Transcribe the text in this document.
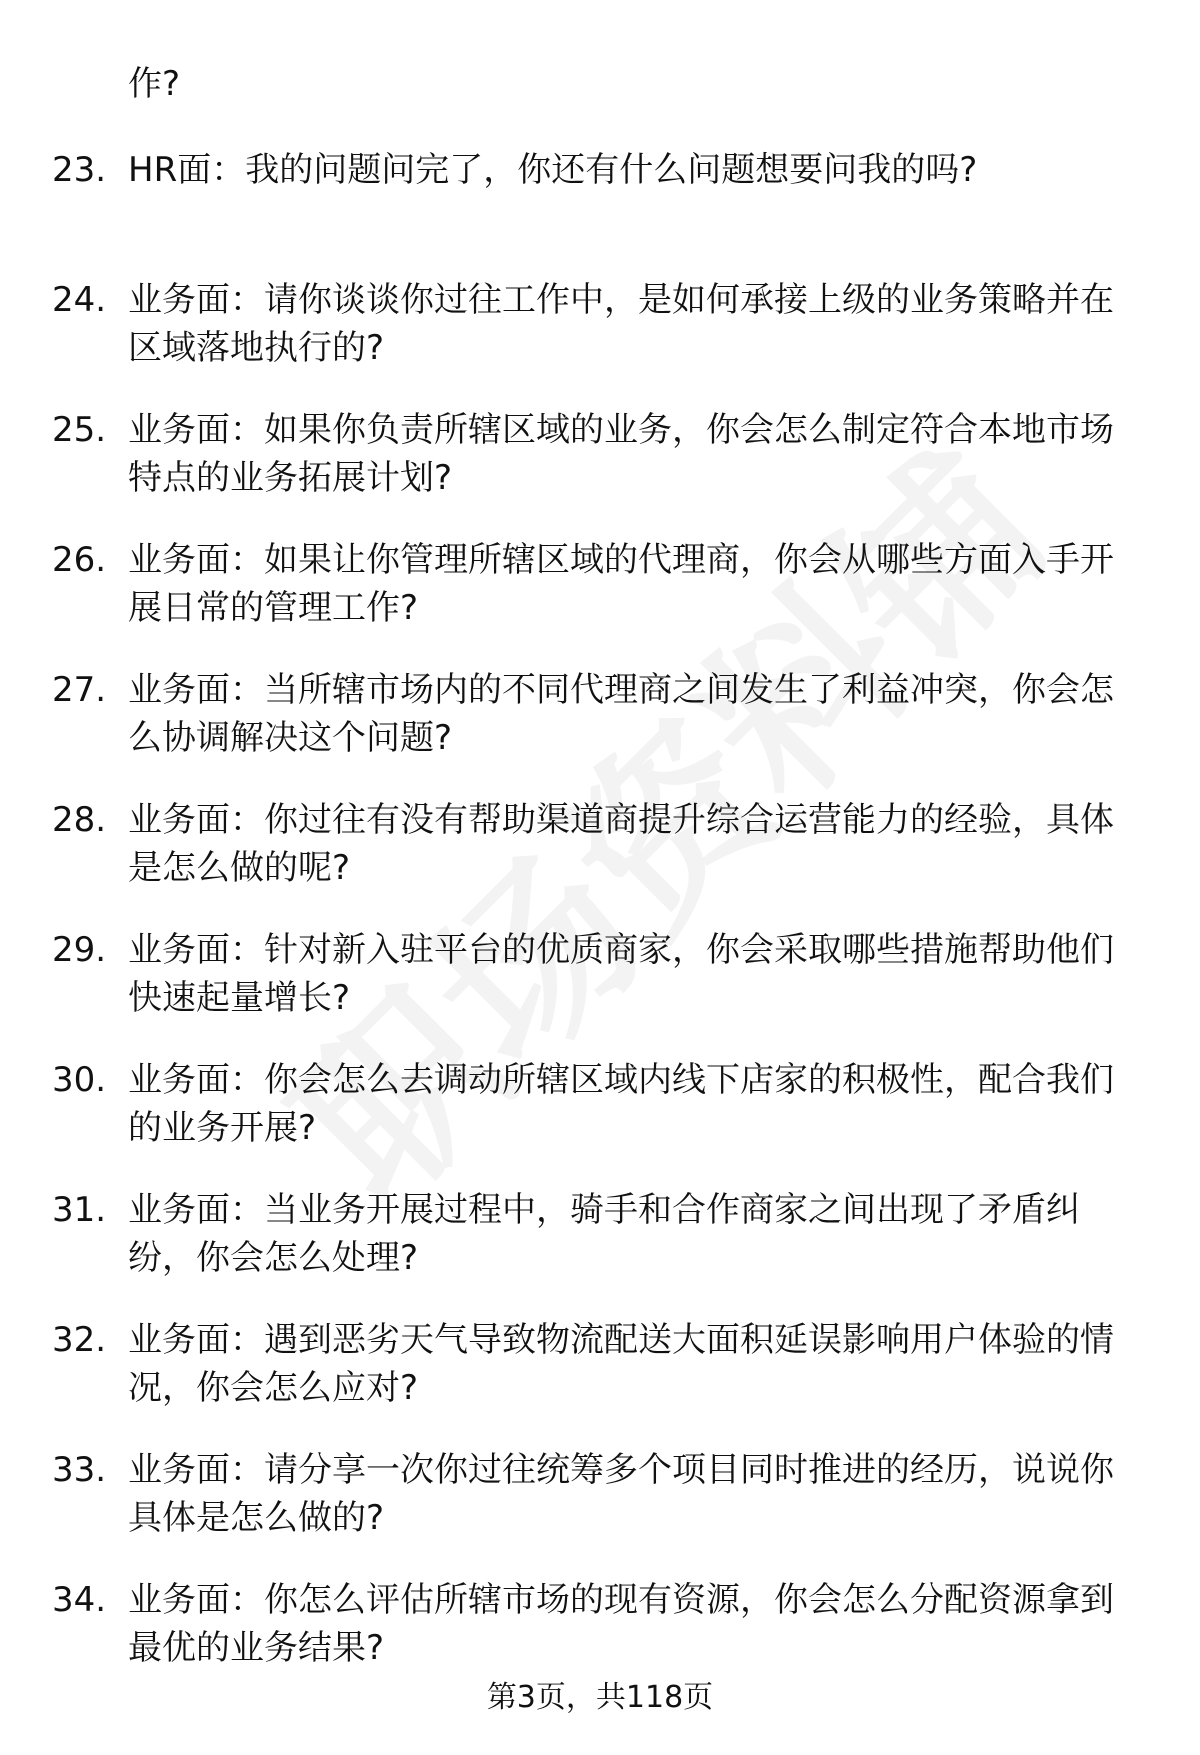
作?
23. HR面：我的问题问完了，你还有什么问题想要问我的吗?
24. 业务面：请你谈谈你过往工作中，是如何承接上级的业务策略并在区域落地执行的?
25. 业务面：如果你负责所辖区域的业务，你会怎么制定符合本地市场特点的业务拓展计划?
26. 业务面：如果让你管理所辖区域的代理商，你会从哪些方面入手开展日常的管理工作?
27. 业务面：当所辖市场内的不同代理商之间发生了利益冲突，你会怎么协调解决这个问题?
28. 业务面：你过往有没有帮助渠道商提升综合运营能力的经验，具体是怎么做的呢?
29. 业务面：针对新入驻平台的优质商家，你会采取哪些措施帮助他们快速起量增长?
30. 业务面：你会怎么去调动所辖区域内线下店家的积极性，配合我们的业务开展?
31. 业务面：当业务开展过程中，骑手和合作商家之间出现了矛盾纠纷，你会怎么处理?
32. 业务面：遇到恶劣天气导致物流配送大面积延误影响用户体验的情况，你会怎么应对?
33. 业务面：请分享一次你过往统筹多个项目同时推进的经历，说说你具体是怎么做的?
34. 业务面：你怎么评估所辖市场的现有资源，你会怎么分配资源拿到最优的业务结果?
第3页，共118页
